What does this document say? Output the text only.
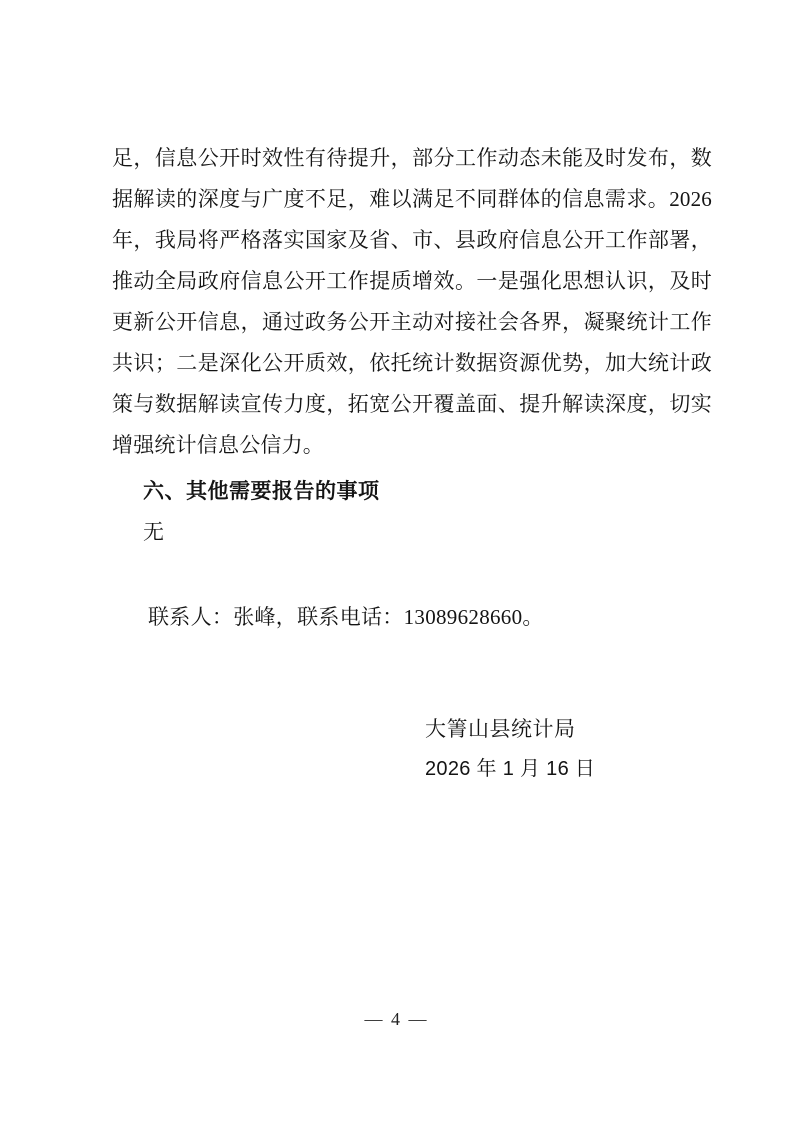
足，信息公开时效性有待提升，部分工作动态未能及时发布，数
据解读的深度与广度不足，难以满足不同群体的信息需求。2026
年，我局将严格落实国家及省、市、县政府信息公开工作部署，
推动全局政府信息公开工作提质增效。一是强化思想认识，及时
更新公开信息，通过政务公开主动对接社会各界，凝聚统计工作
共识；二是深化公开质效，依托统计数据资源优势，加大统计政
策与数据解读宣传力度，拓宽公开覆盖面、提升解读深度，切实
增强统计信息公信力。
六、其他需要报告的事项
无
联系人：张峰，联系电话：13089628660。
大箐山县统计局
2026 年 1 月 16 日
— 4 —
